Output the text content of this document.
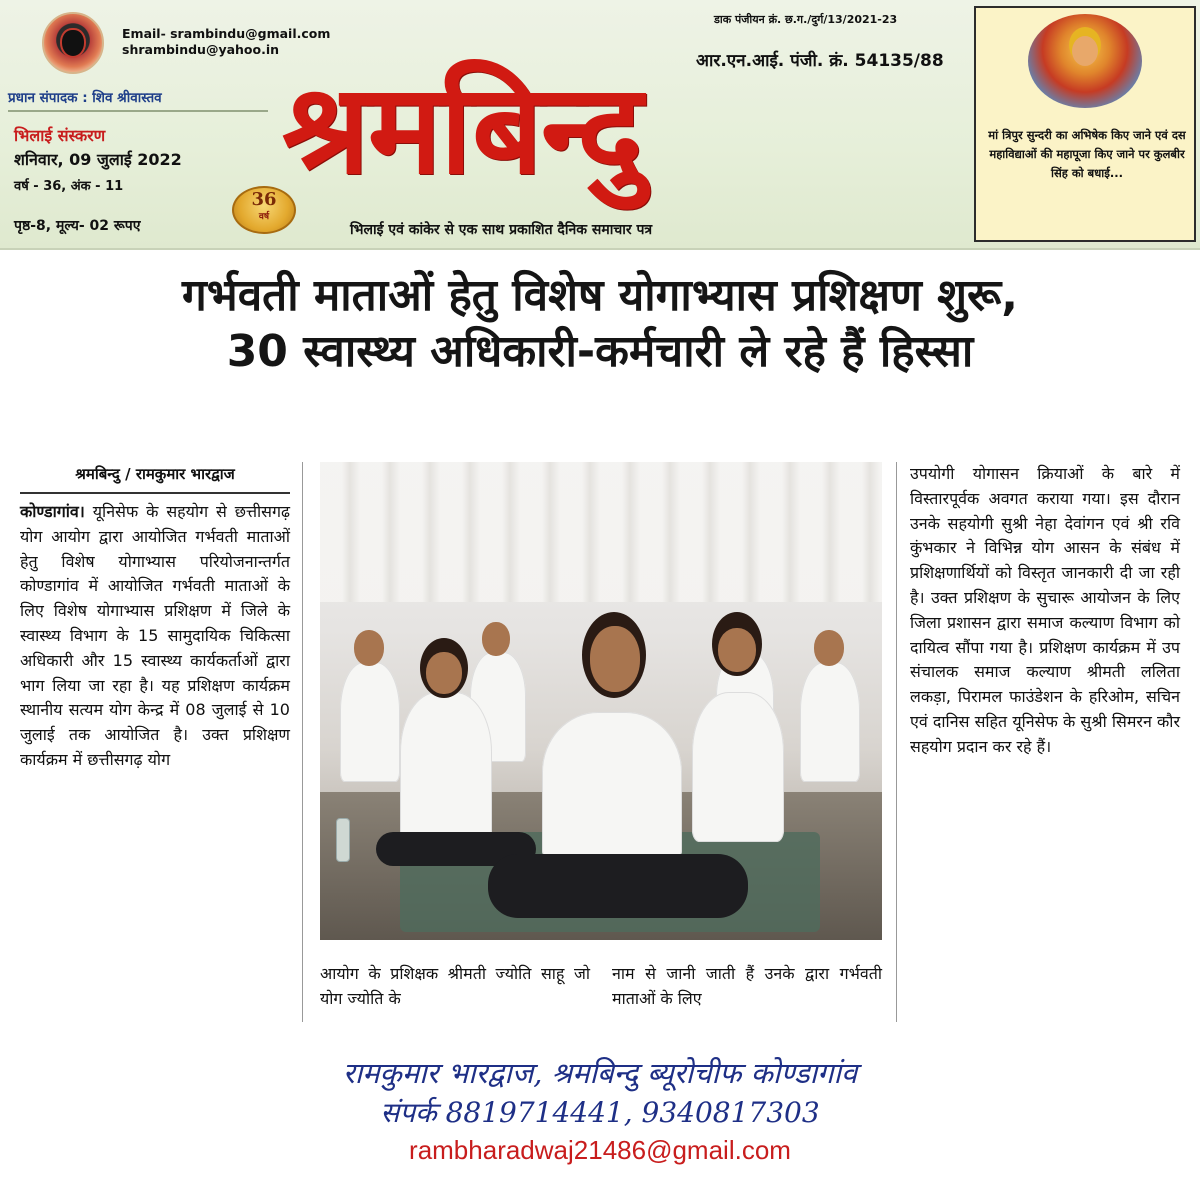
Email- srambindu@gmail.com
shrambindu@yahoo.in
प्रधान संपादक : शिव श्रीवास्तव
भिलाई संस्करण
शनिवार, 09 जुलाई 2022
वर्ष - 36, अंक - 11
पृष्ठ-8, मूल्य- 02 रूपए
36
वर्ष
डाक पंजीयन क्रं. छ.ग./दुर्ग/13/2021-23
आर.एन.आई. पंजी. क्रं. 54135/88
श्रमबिन्दु
भिलाई एवं कांकेर से एक साथ प्रकाशित दैनिक समाचार पत्र
मां त्रिपुर सुन्दरी का अभिषेक किए जाने एवं दस महाविद्याओं की महापूजा किए जाने पर कुलबीर सिंह को बधाई...
गर्भवती माताओं हेतु विशेष योगाभ्यास प्रशिक्षण शुरू,
30 स्वास्थ्य अधिकारी-कर्मचारी ले रहे हैं हिस्सा
श्रमबिन्दु / रामकुमार भारद्वाज

कोण्डागांव। यूनिसेफ के सहयोग से छत्तीसगढ़ योग आयोग द्वारा आयोजित गर्भवती माताओं हेतु विशेष योगाभ्यास परियोजनान्तर्गत कोण्डागांव में आयोजित गर्भवती माताओं के लिए विशेष योगाभ्यास प्रशिक्षण में जिले के स्वास्थ्य विभाग के 15 सामुदायिक चिकित्सा अधिकारी और 15 स्वास्थ्य कार्यकर्ताओं द्वारा भाग लिया जा रहा है। यह प्रशिक्षण कार्यक्रम स्थानीय सत्यम योग केन्द्र में 08 जुलाई से 10 जुलाई तक आयोजित है। उक्त प्रशिक्षण कार्यक्रम में छत्तीसगढ़ योग

आयोग के प्रशिक्षक श्रीमती ज्योति साहू जो योग ज्योति के

नाम से जानी जाती हैं उनके द्वारा गर्भवती माताओं के लिए

उपयोगी योगासन क्रियाओं के बारे में विस्तारपूर्वक अवगत कराया गया। इस दौरान उनके सहयोगी सुश्री नेहा देवांगन एवं श्री रवि कुंभकार ने विभिन्न योग आसन के संबंध में प्रशिक्षणार्थियों को विस्तृत जानकारी दी जा रही है। उक्त प्रशिक्षण के सुचारू आयोजन के लिए जिला प्रशासन द्वारा समाज कल्याण विभाग को दायित्व सौंपा गया है। प्रशिक्षण कार्यक्रम में उप संचालक समाज कल्याण श्रीमती ललिता लकड़ा, पिरामल फाउंडेशन के हरिओम, सचिन एवं दानिस सहित यूनिसेफ के सुश्री सिमरन कौर सहयोग प्रदान कर रहे हैं।

रामकुमार भारद्वाज, श्रमबिन्दु ब्यूरोचीफ कोण्डागांव
संपर्क 8819714441, 9340817303
rambharadwaj21486@gmail.com
